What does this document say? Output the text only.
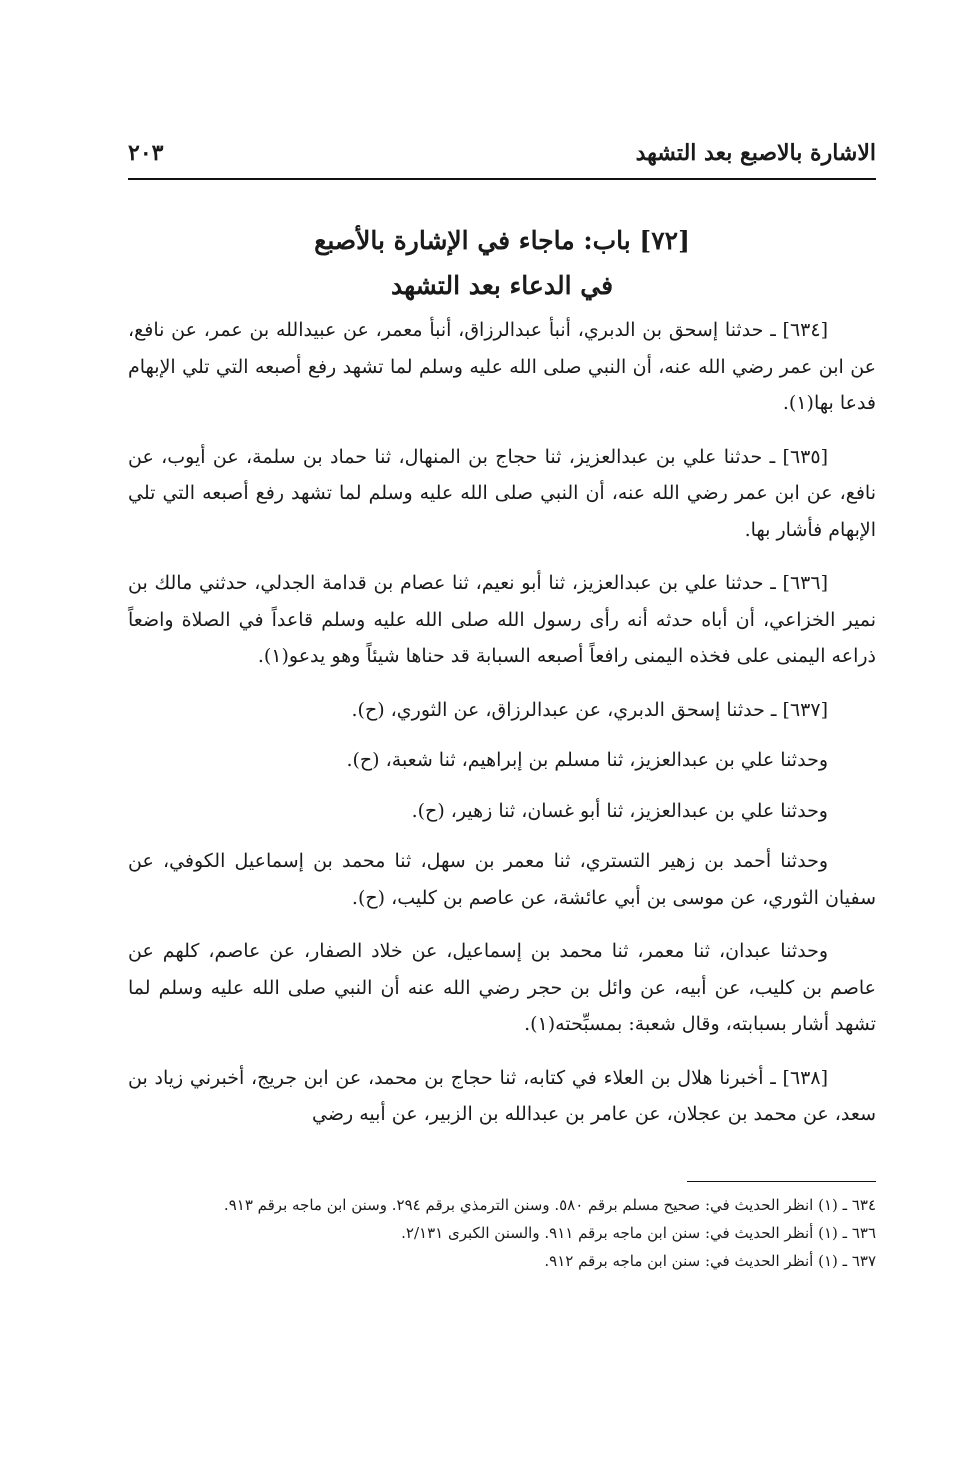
الاشارة بالاصبع بعد التشهد
٢٠٣
[٧٢] باب: ماجاء في الإشارة بالأصبع
في الدعاء بعد التشهد

[٦٣٤] ـ حدثنا إسحق بن الدبري، أنبأ عبدالرزاق، أنبأ معمر، عن عبيدالله بن عمر، عن نافع، عن ابن عمر رضي الله عنه، أن النبي صلى الله عليه وسلم لما تشهد رفع أصبعه التي تلي الإبهام فدعا بها(١).

[٦٣٥] ـ حدثنا علي بن عبدالعزيز، ثنا حجاج بن المنهال، ثنا حماد بن سلمة، عن أيوب، عن نافع، عن ابن عمر رضي الله عنه، أن النبي صلى الله عليه وسلم لما تشهد رفع أصبعه التي تلي الإبهام فأشار بها.

[٦٣٦] ـ حدثنا علي بن عبدالعزيز، ثنا أبو نعيم، ثنا عصام بن قدامة الجدلي، حدثني مالك بن نمير الخزاعي، أن أباه حدثه أنه رأى رسول الله صلى الله عليه وسلم قاعداً في الصلاة واضعاً ذراعه اليمنى على فخذه اليمنى رافعاً أصبعه السبابة قد حناها شيئاً وهو يدعو(١).

[٦٣٧] ـ حدثنا إسحق الدبري، عن عبدالرزاق، عن الثوري، (ح).

وحدثنا علي بن عبدالعزيز، ثنا مسلم بن إبراهيم، ثنا شعبة، (ح).

وحدثنا علي بن عبدالعزيز، ثنا أبو غسان، ثنا زهير، (ح).

وحدثنا أحمد بن زهير التستري، ثنا معمر بن سهل، ثنا محمد بن إسماعيل الكوفي، عن سفيان الثوري، عن موسى بن أبي عائشة، عن عاصم بن كليب، (ح).

وحدثنا عبدان، ثنا معمر، ثنا محمد بن إسماعيل، عن خلاد الصفار، عن عاصم، كلهم عن عاصم بن كليب، عن أبيه، عن وائل بن حجر رضي الله عنه أن النبي صلى الله عليه وسلم لما تشهد أشار بسبابته، وقال شعبة: بمسبِّحته(١).

[٦٣٨] ـ أخبرنا هلال بن العلاء في كتابه، ثنا حجاج بن محمد، عن ابن جريج، أخبرني زياد بن سعد، عن محمد بن عجلان، عن عامر بن عبدالله بن الزبير، عن أبيه رضي

٦٣٤ ـ (١) انظر الحديث في: صحيح مسلم برقم ٥٨٠. وسنن الترمذي برقم ٢٩٤. وسنن ابن ماجه برقم ٩١٣.

٦٣٦ ـ (١) أنظر الحديث في: سنن ابن ماجه برقم ٩١١. والسنن الكبرى ٢/١٣١.

٦٣٧ ـ (١) أنظر الحديث في: سنن ابن ماجه برقم ٩١٢.
